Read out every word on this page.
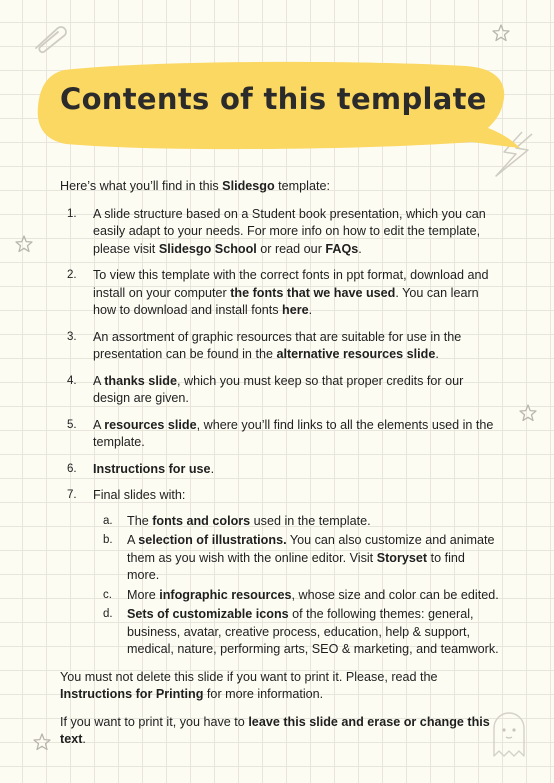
Contents of this template

Here’s what you’ll find in this Slidesgo template:

1. A slide structure based on a Student book presentation, which you can easily adapt to your needs. For more info on how to edit the template, please visit Slidesgo School or read our FAQs.
2. To view this template with the correct fonts in ppt format, download and install on your computer the fonts that we have used. You can learn how to download and install fonts here.
3. An assortment of graphic resources that are suitable for use in the presentation can be found in the alternative resources slide.
4. A thanks slide, which you must keep so that proper credits for our design are given.
5. A resources slide, where you’ll find links to all the elements used in the template.
6. Instructions for use.
7. Final slides with:
a. The fonts and colors used in the template.
b. A selection of illustrations. You can also customize and animate them as you wish with the online editor. Visit Storyset to find more.
c. More infographic resources, whose size and color can be edited.
d. Sets of customizable icons of the following themes: general, business, avatar, creative process, education, help & support, medical, nature, performing arts, SEO & marketing, and teamwork.

You must not delete this slide if you want to print it. Please, read the Instructions for Printing for more information.

If you want to print it, you have to leave this slide and erase or change this text.
